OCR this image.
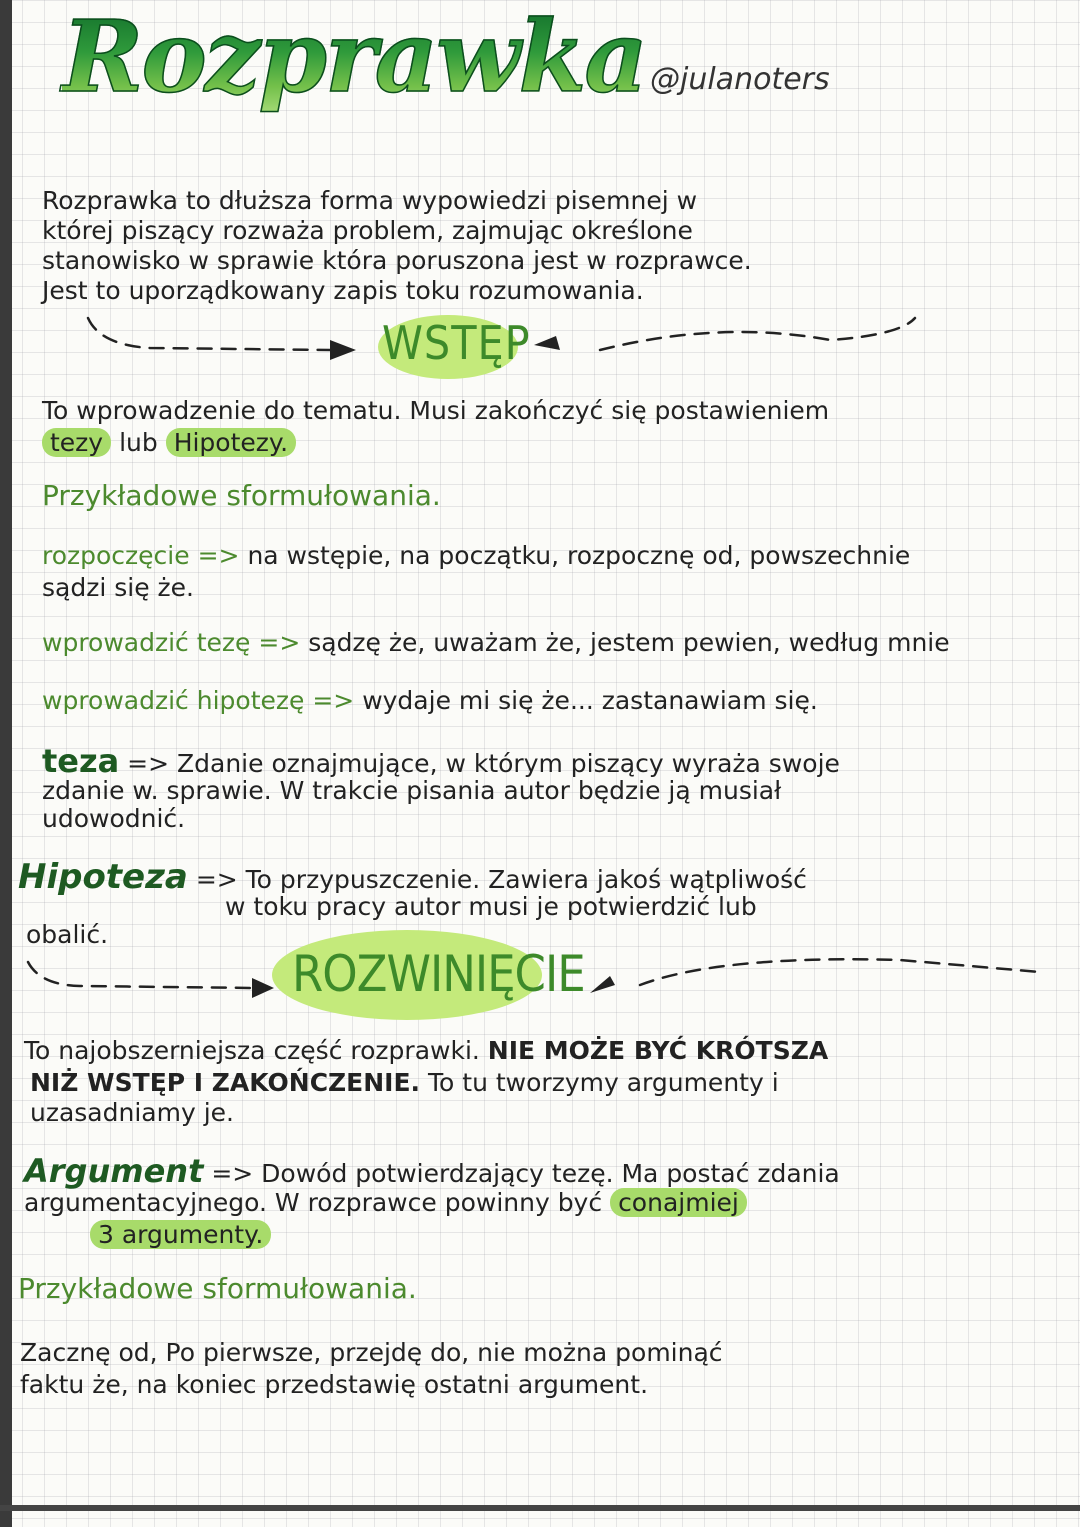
Rozprawka @julanoters
Rozprawka to dłuższa forma wypowiedzi pisemnej w
której piszący rozważa problem, zajmując określone
stanowisko w sprawie która poruszona jest w rozprawce.
Jest to uporządkowany zapis toku rozumowania.
WSTĘP
To wprowadzenie do tematu. Musi zakończyć się postawieniem
tezy lub Hipotezy.
Przykładowe sformułowania.
rozpoczęcie => na wstępie, na początku, rozpocznę od, powszechnie
sądzi się że.
wprowadzić tezę => sądzę że, uważam że, jestem pewien, według mnie
wprowadzić hipotezę => wydaje mi się że... zastanawiam się.
teza => Zdanie oznajmujące, w którym piszący wyraża swoje
zdanie w. sprawie. W trakcie pisania autor będzie ją musiał
udowodnić.
Hipoteza => To przypuszczenie. Zawiera jakoś wątpliwość
w toku pracy autor musi je potwierdzić lub
obalić.
ROZWINIĘCIE
To najobszerniejsza część rozprawki. NIE MOŻE BYĆ KRÓTSZA
NIŻ WSTĘP I ZAKOŃCZENIE. To tu tworzymy argumenty i
uzasadniamy je.
Argument => Dowód potwierdzający tezę. Ma postać zdania
argumentacyjnego. W rozprawce powinny być conajmiej
3 argumenty.
Przykładowe sformułowania.
Zacznę od, Po pierwsze, przejdę do, nie można pominąć
faktu że, na koniec przedstawię ostatni argument.
